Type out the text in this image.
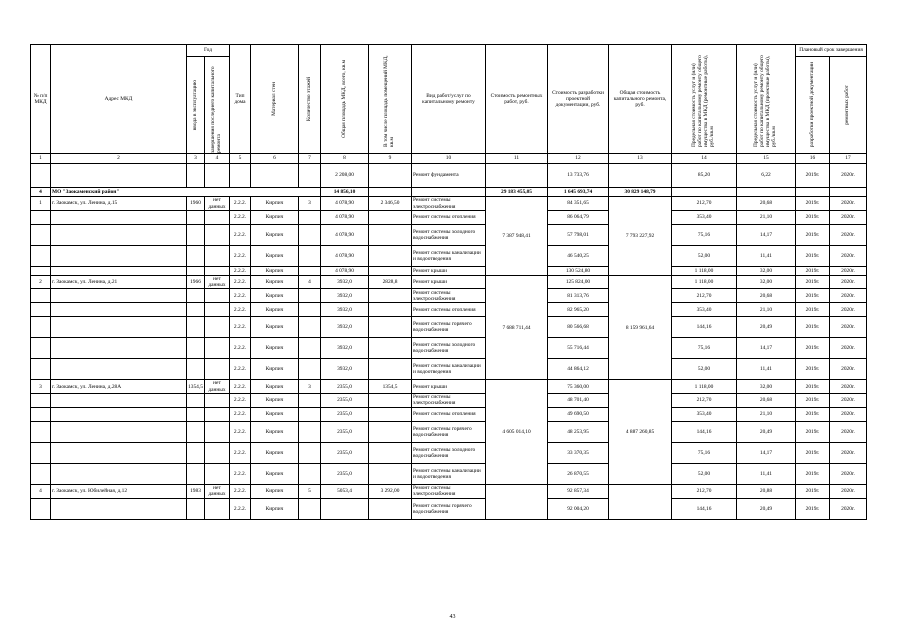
№ п/п МКД	Адрес МКД	Год		Тип дома	Материал стен	Количество этажей	Общая площадь МКД, всего, кв.м	В том числе площадь помещений МКД, кв.м	Вид работ/услуг по капитальному ремонту	Стоимость ремонтных работ, руб.	Стоимость разработки проектной документации, руб.	Общая стоимость капитального ремонта, руб.	Предельная стоимость услуг и (или) работ по капитальному ремонту общего имущества в МКД (ремонтные работы), руб./кв.м	Предельная стоимость услуг и (или) работ по капитальному ремонту общего имущества в МКД (проектные работы), руб./кв.м	Плановый срок завершения	

		ввода в эксплуатацию	завершения последнего капитального ремонта												разработки проектной документации	ремонтных работ

1	2	3	4	5	6	7	8	9	10	11	12	13	14	15	16	17
							2 208,00		Ремонт фундамента		13 733,76		85,20	6,22	2019г.	2020г.
4	МО "Заокаменский район"						14 856,10			29 183 455,05	1 645 693,74	30 829 148,79				
1	г. Заокамск, ул. Ленина, д.15	1960	нет данных	2.2.2.	Кирпич	3	4 078,90	2 346,50	Ремонт системы электроснабжения	7 387 948,41	84 351,65	7 793 227,92	212,70	20,68	2019г.	2020г.
				2.2.2.	Кирпич		4 078,90		Ремонт системы отопления		86 064,79		353,40	21,10	2019г.	2020г.
				2.2.2.	Кирпич		4 078,90		Ремонт системы холодного водоснабжения		57 798,01		75,16	14,17	2019г.	2020г.
				2.2.2.	Кирпич		4 078,90		Ремонт системы канализации и водоотведения		46 540,25		52,00	11,41	2019г.	2020г.
				2.2.2.	Кирпич		4 078,90		Ремонт крыши		130 524,80		1 118,00	32,00	2019г.	2020г.
2	г. Заокамск, ул. Ленина, д.21	1966	нет данных	2.2.2.	Кирпич	4	3932,0	2828,8	Ремонт крыши	7 688 711,44	125 824,00	8 159 961,64	1 118,00	32,00	2019г.	2020г.
				2.2.2.	Кирпич		3932,0		Ремонт системы электроснабжения		81 313,76		212,70	20,68	2019г.	2020г.
				2.2.2.	Кирпич		3932,0		Ремонт системы отопления		82 965,20		353,40	21,10	2019г.	2020г.
				2.2.2.	Кирпич		3932,0		Ремонт системы горячего водоснабжения		80 566,68		144,16	20,49	2019г.	2020г.
				2.2.2.	Кирпич		3932,0		Ремонт системы холодного водоснабжения		55 716,44		75,16	14,17	2019г.	2020г.
				2.2.2.	Кирпич		3932,0		Ремонт системы канализации и водоотведения		44 864,12		52,00	11,41	2019г.	2020г.
3	г. Заокамск, ул. Ленина, д.28А	1354,5	нет данных	2.2.2.	Кирпич	3	2355,0	1354,5	Ремонт крыши	4 605 014,10	75 360,00	4 887 260,85	1 118,00	32,00	2019г.	2020г.
				2.2.2.	Кирпич		2355,0		Ремонт системы электроснабжения		48 701,40		212,70	20,68	2019г.	2020г.
				2.2.2.	Кирпич		2355,0		Ремонт системы отопления		49 690,50		353,40	21,10	2019г.	2020г.
				2.2.2.	Кирпич		2355,0		Ремонт системы горячего водоснабжения		48 253,95		144,16	20,49	2019г.	2020г.
				2.2.2.	Кирпич		2355,0		Ремонт системы холодного водоснабжения		33 370,35		75,16	14,17	2019г.	2020г.
				2.2.2.	Кирпич		2355,0		Ремонт системы канализации и водоотведения		26 870,55		52,00	11,41	2019г.	2020г.
4	г. Заокамск, ул. Юбилейная, д.12	1983	нет данных	2.2.2.	Кирпич	5	5053,4	3 292,00	Ремонт системы электроснабжения		92 857,34		212,70	20,88	2019г.	2020г.
				2.2.2.	Кирпич				Ремонт системы горячего водоснабжения		92 004,20		144,16	20,49	2019г.	2020г.
43
